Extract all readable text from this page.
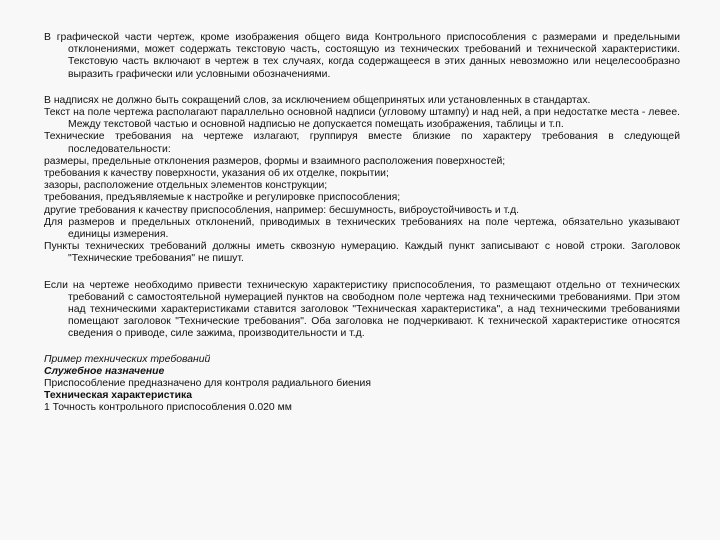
В графической части чертеж, кроме изображения общего вида Контрольного приспособления с размерами и предельными отклонениями, может содержать текстовую часть, состоящую из технических требований и технической характеристики. Текстовую часть включают в чертеж в тех случаях, когда содержащееся в этих данных невозможно или нецелесообразно выразить графически или условными обозначениями.

В надписях не должно быть сокращений слов, за исключением общепринятых или установленных в стандартах.

Текст на поле чертежа располагают параллельно основной надписи (угловому штампу) и над ней, а при недостатке места - левее. Между текстовой частью и основной надписью не допускается помещать изображения, таблицы и т.п.

Технические требования на чертеже излагают, группируя вместе близкие по характеру требования в следующей последовательности:

размеры, предельные отклонения размеров, формы и взаимного расположения поверхностей;

требования к качеству поверхности, указания об их отделке, покрытии;

зазоры, расположение отдельных элементов конструкции;

требования, предъявляемые к настройке и регулировке приспособления;

другие требования к качеству приспособления, например: бесшумность, виброустойчивость и т.д.

Для размеров и предельных отклонений, приводимых в технических требованиях на поле чертежа, обязательно указывают единицы измерения.

Пункты технических требований должны иметь сквозную нумерацию. Каждый пункт записывают с новой строки. Заголовок "Технические требования" не пишут.

Если на чертеже необходимо привести техническую характеристику приспособления, то размещают отдельно от технических требований с самостоятельной нумерацией пунктов на свободном поле чертежа над техническими требованиями. При этом над техническими характеристиками ставится заголовок "Техническая характеристика", а над техническими требованиями помещают заголовок "Технические требования". Оба заголовка не подчеркивают. К технической характеристике относятся сведения о приводе, силе зажима, производительности и т.д.

Пример технических требований

Служебное назначение

Приспособление предназначено для контроля радиального биения

Техническая характеристика

1 Точность контрольного приспособления 0.020 мм
